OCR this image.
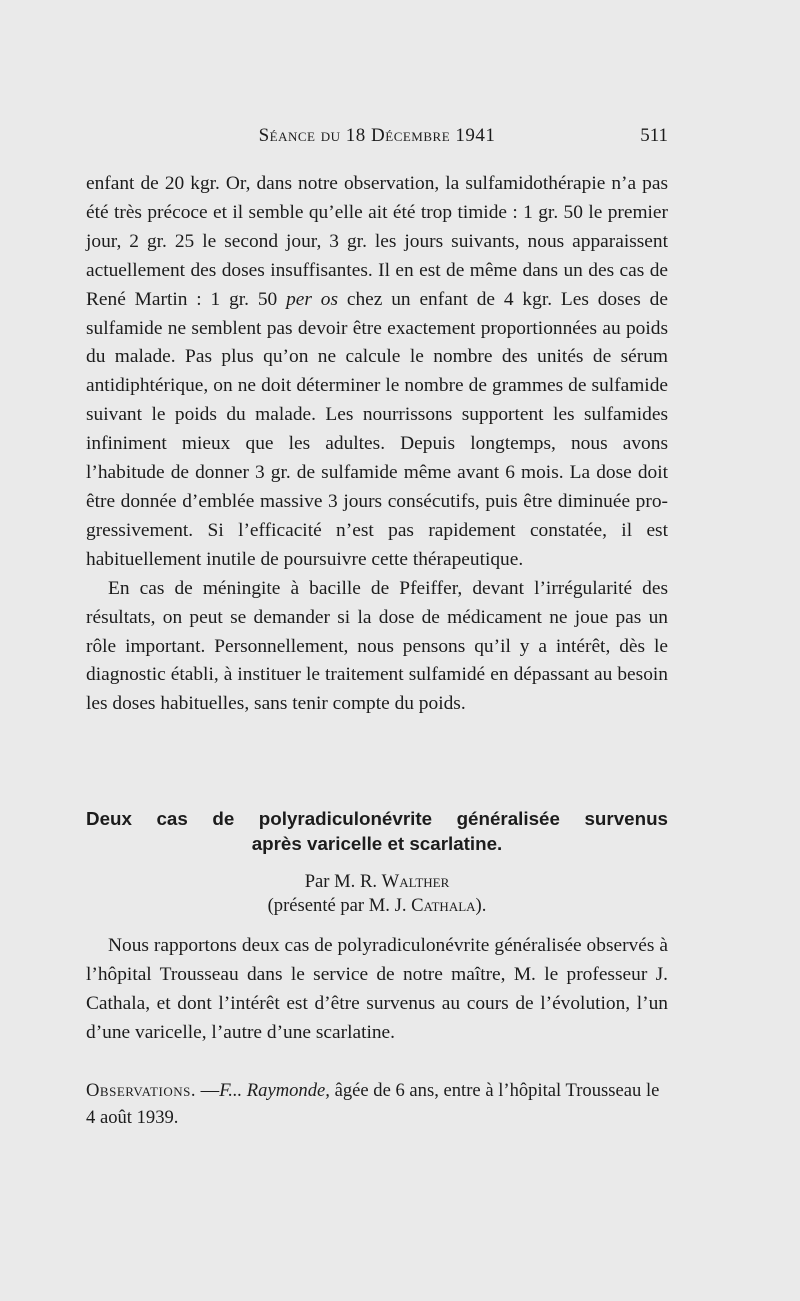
Séance du 18 Décembre 1941	511

enfant de 20 kgr. Or, dans notre observation, la sulfamidothérapie n’a pas été très précoce et il semble qu’elle ait été trop timide : 1 gr. 50 le premier jour, 2 gr. 25 le second jour, 3 gr. les jours suivants, nous apparaissent actuellement des doses insuffisantes. Il en est de même dans un des cas de René Martin : 1 gr. 50 per os chez un enfant de 4 kgr. Les doses de sulfamide ne semblent pas devoir être exactement proportionnées au poids du malade. Pas plus qu’on ne calcule le nombre des unités de sérum antidiphtérique, on ne doit déterminer le nombre de grammes de sulfamide suivant le poids du malade. Les nourrissons supportent les sulfamides infiniment mieux que les adultes. Depuis longtemps, nous avons l’habitude de donner 3 gr. de sulfamide même avant 6 mois. La dose doit être donnée d’emblée massive 3 jours consécutifs, puis être diminuée progressivement. Si l’efficacité n’est pas rapidement constatée, il est habituellement inutile de poursuivre cette thérapeutique.

En cas de méningite à bacille de Pfeiffer, devant l’irrégularité des résultats, on peut se demander si la dose de médicament ne joue pas un rôle important. Personnellement, nous pensons qu’il y a intérêt, dès le diagnostic établi, à instituer le traitement sulfamidé en dépassant au besoin les doses habituelles, sans tenir compte du poids.

Deux cas de polyradiculonévrite généralisée survenus
après varicelle et scarlatine.
Par M. R. Walther
(présenté par M. J. Cathala).

Nous rapportons deux cas de polyradiculonévrite généralisée observés à l’hôpital Trousseau dans le service de notre maître, M. le professeur J. Cathala, et dont l’intérêt est d’être survenus au cours de l’évolution, l’un d’une varicelle, l’autre d’une scarlatine.

Observations. —F... Raymonde, âgée de 6 ans, entre à l’hôpital Trousseau le 4 août 1939.
